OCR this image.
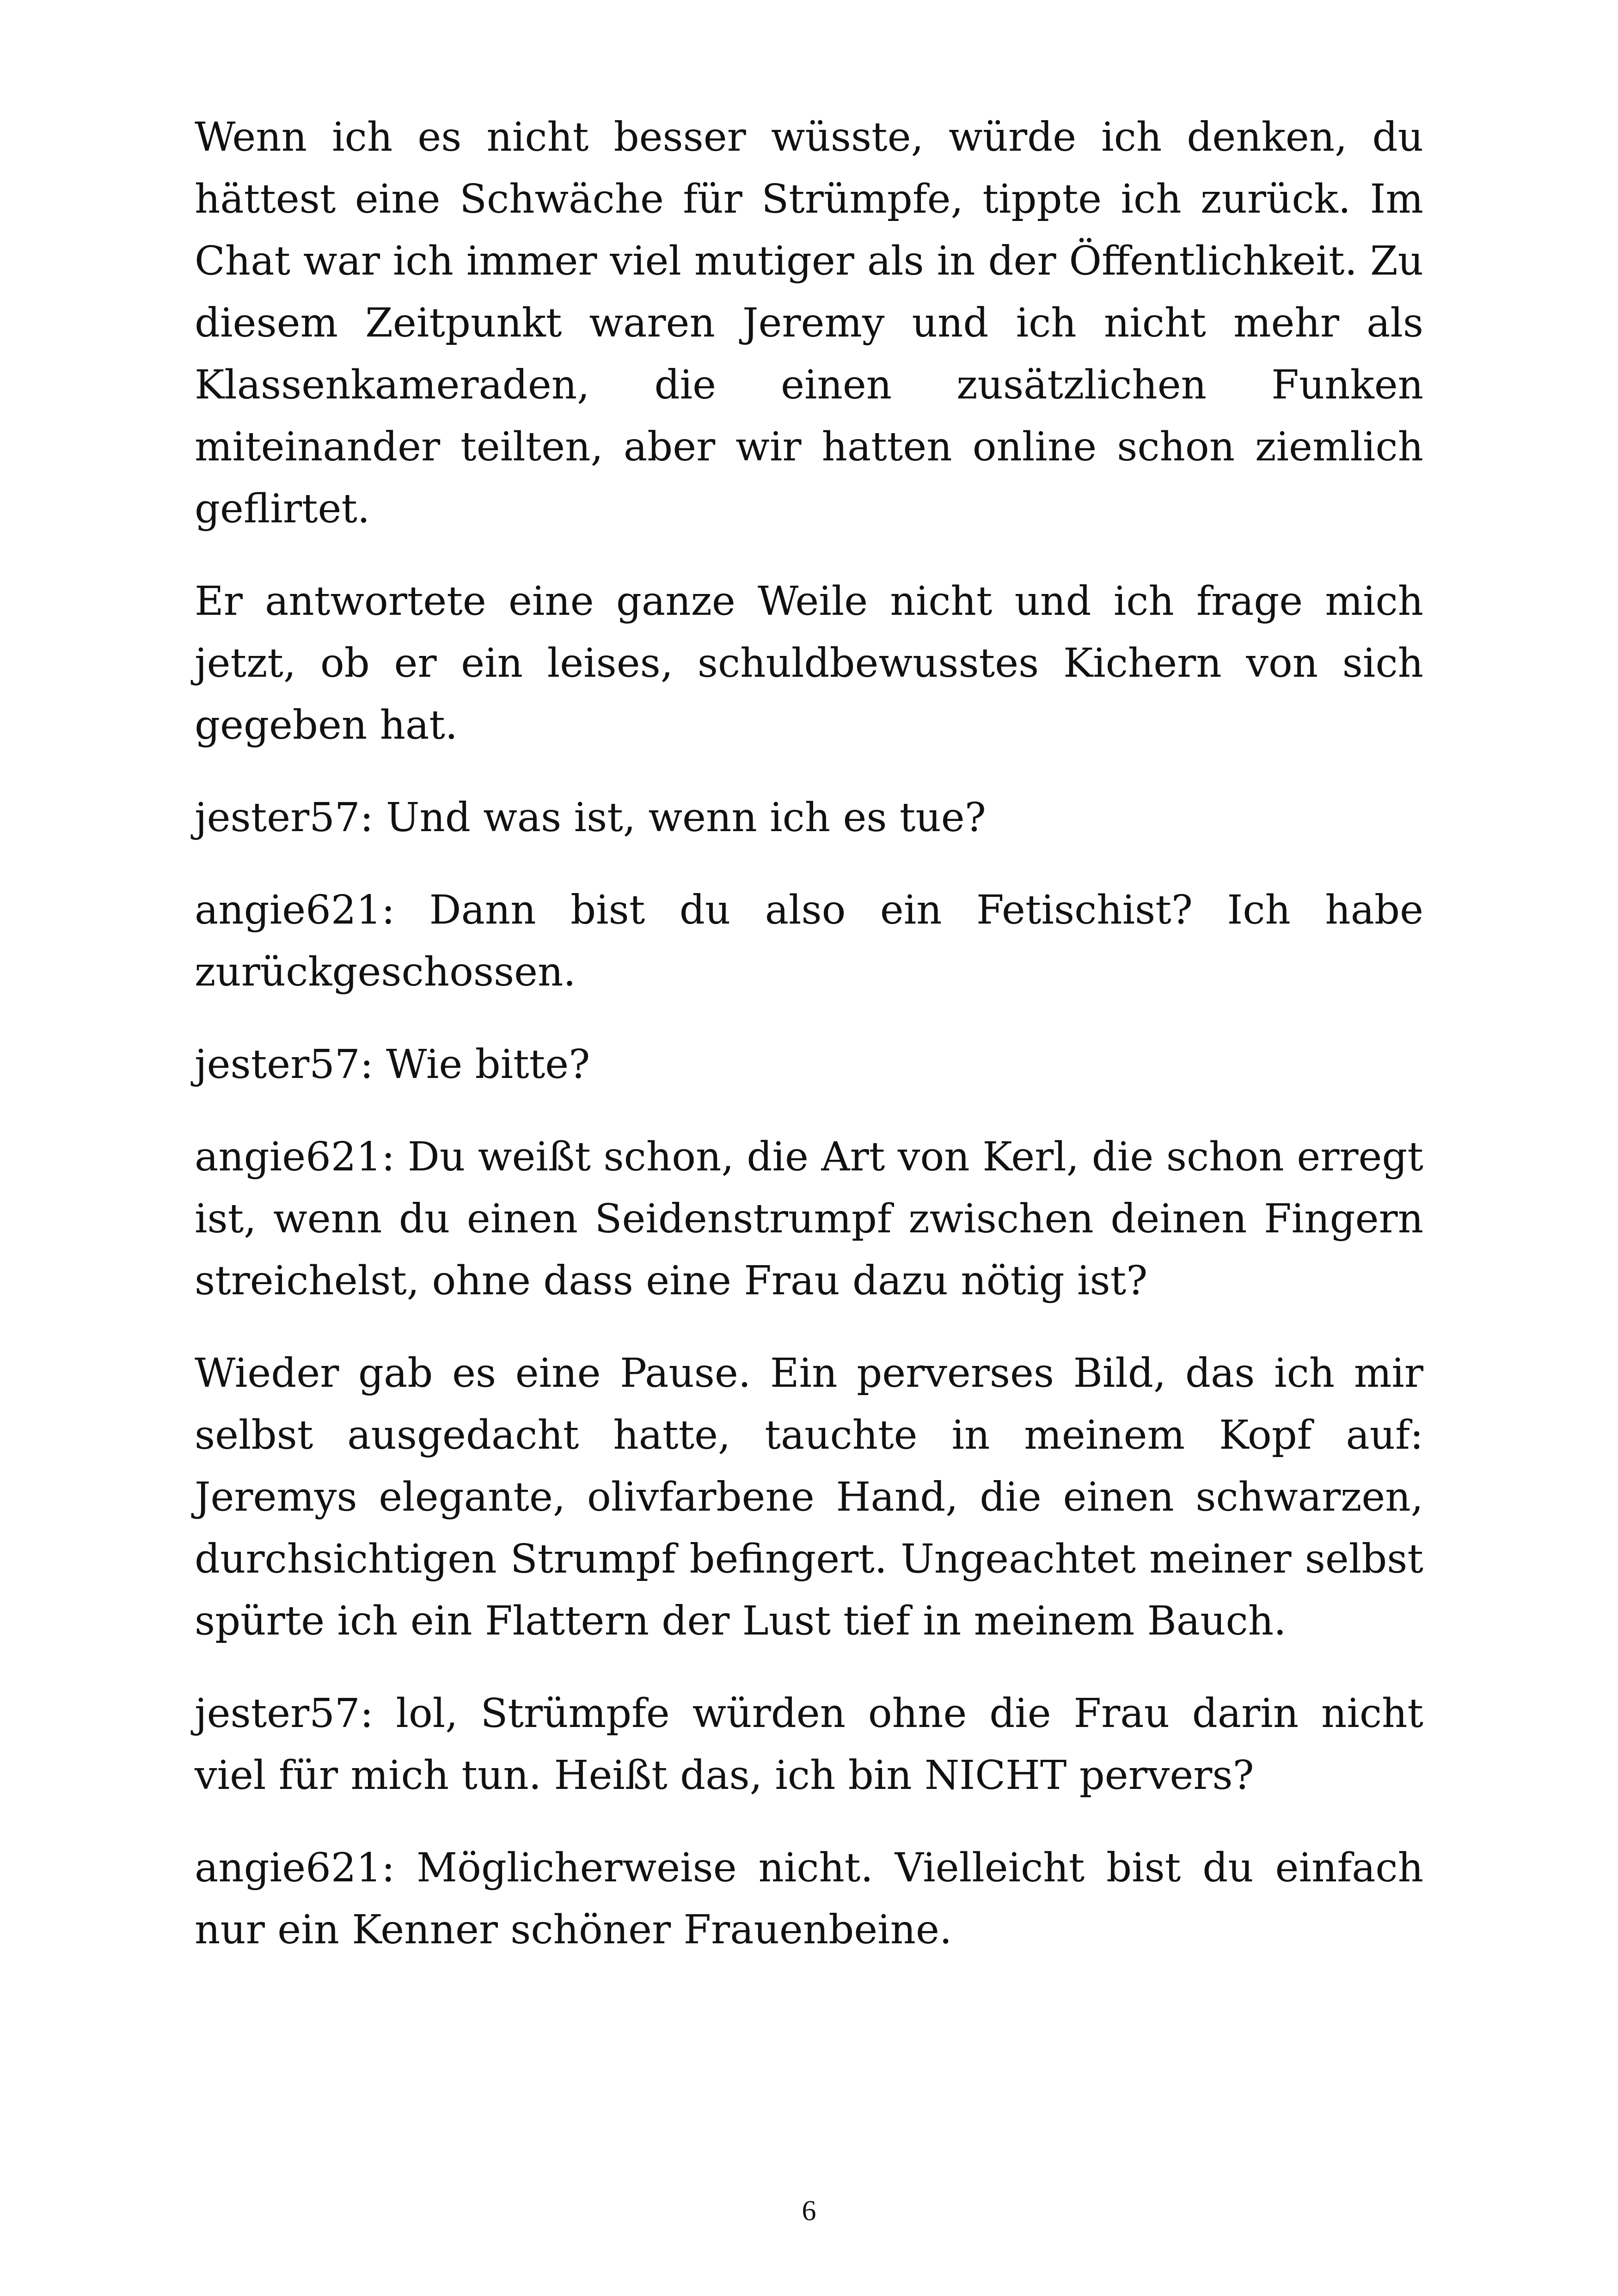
Wenn ich es nicht besser wüsste, würde ich denken, du hättest eine Schwäche für Strümpfe, tippte ich zurück. Im Chat war ich immer viel mutiger als in der Öffentlichkeit. Zu diesem Zeitpunkt waren Jeremy und ich nicht mehr als Klassenkameraden, die einen zusätzlichen Funken miteinander teilten, aber wir hatten online schon ziemlich geflirtet.

Er antwortete eine ganze Weile nicht und ich frage mich jetzt, ob er ein leises, schuldbewusstes Kichern von sich gegeben hat.

jester57: Und was ist, wenn ich es tue?

angie621: Dann bist du also ein Fetischist? Ich habe zurückgeschossen.

jester57: Wie bitte?

angie621: Du weißt schon, die Art von Kerl, die schon erregt ist, wenn du einen Seidenstrumpf zwischen deinen Fingern streichelst, ohne dass eine Frau dazu nötig ist?

Wieder gab es eine Pause. Ein perverses Bild, das ich mir selbst ausgedacht hatte, tauchte in meinem Kopf auf: Jeremys elegante, olivfarbene Hand, die einen schwarzen, durchsichtigen Strumpf befingert. Ungeachtet meiner selbst spürte ich ein Flattern der Lust tief in meinem Bauch.

jester57: lol, Strümpfe würden ohne die Frau darin nicht viel für mich tun. Heißt das, ich bin NICHT pervers?

angie621: Möglicherweise nicht. Vielleicht bist du einfach nur ein Kenner schöner Frauenbeine.

6
